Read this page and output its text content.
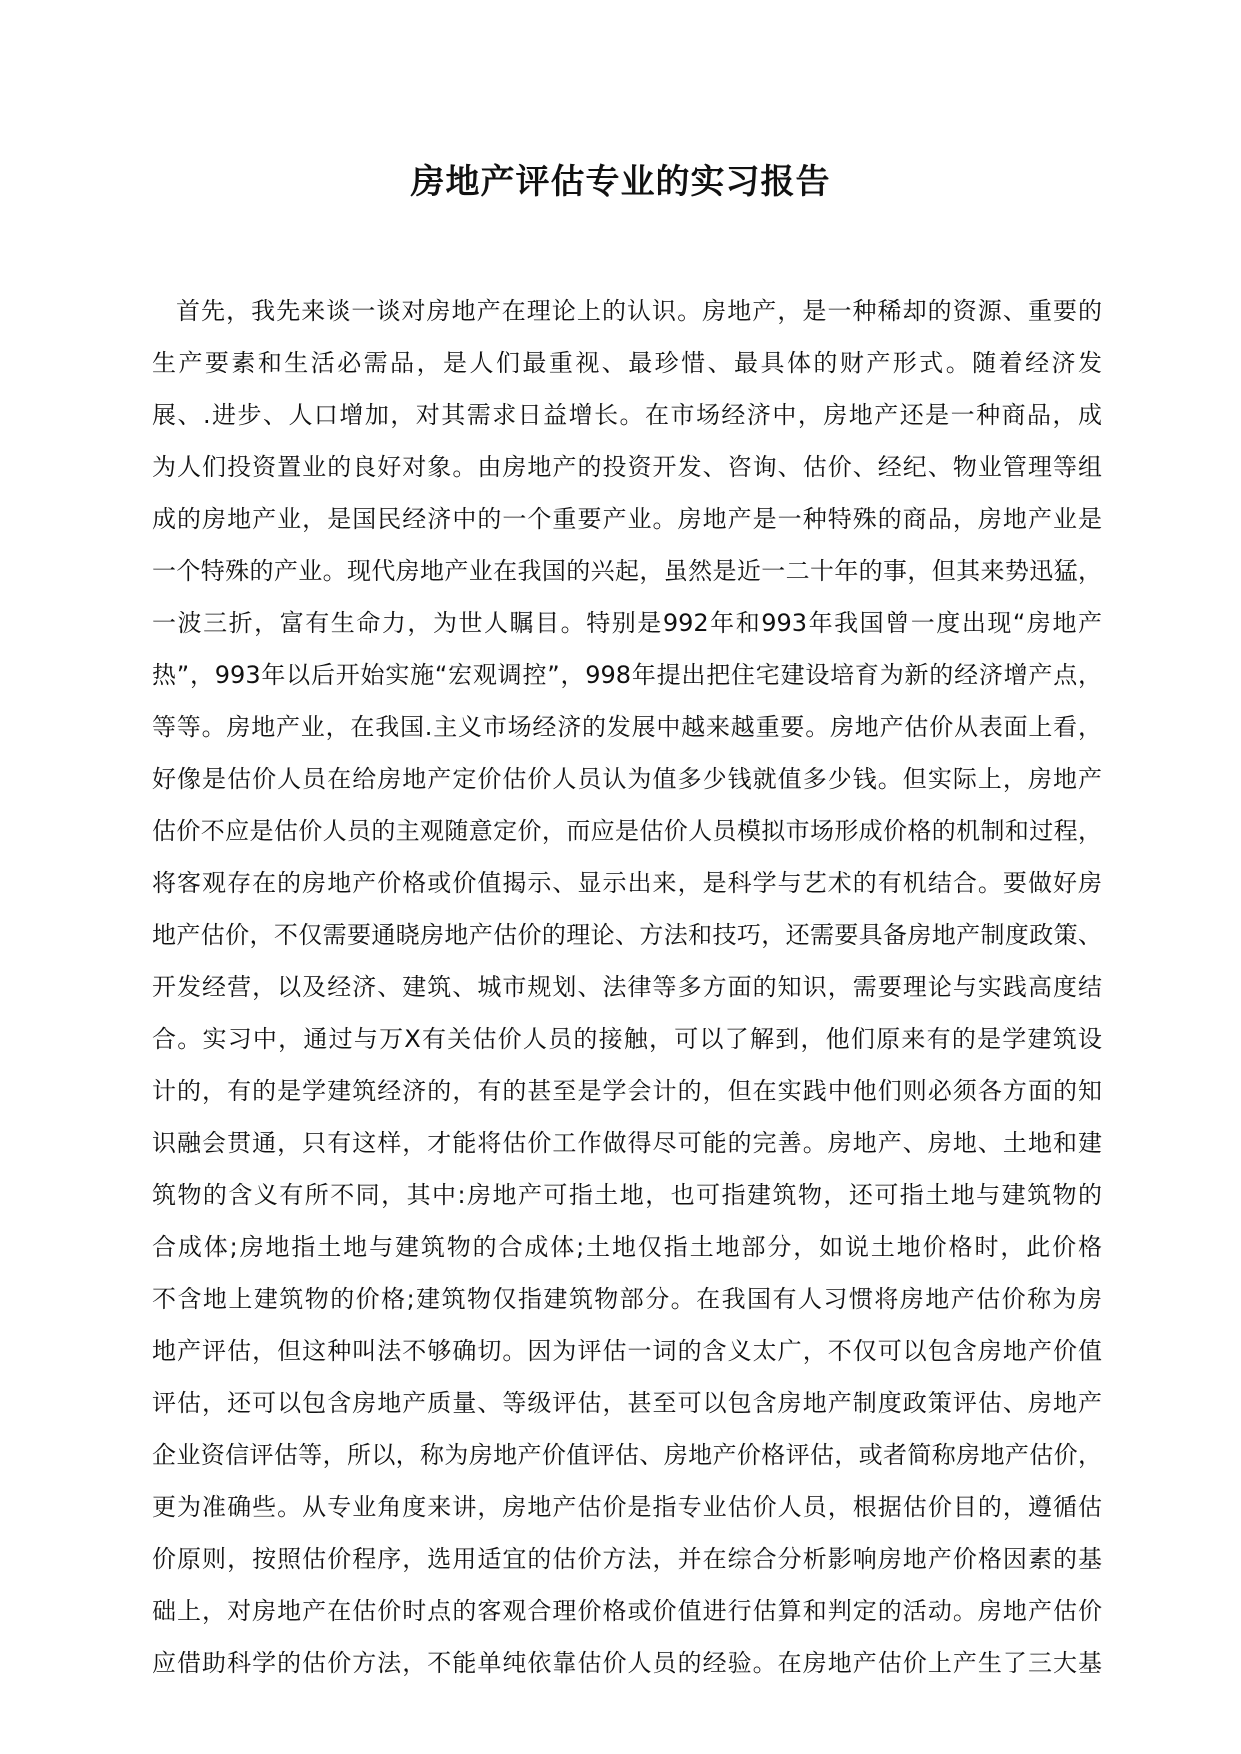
房地产评估专业的实习报告
首先，我先来谈一谈对房地产在理论上的认识。房地产，是一种稀却的资源、重要的
生产要素和生活必需品，是人们最重视、最珍惜、最具体的财产形式。随着经济发
展、.进步、人口增加，对其需求日益增长。在市场经济中，房地产还是一种商品，成
为人们投资置业的良好对象。由房地产的投资开发、咨询、估价、经纪、物业管理等组
成的房地产业，是国民经济中的一个重要产业。房地产是一种特殊的商品，房地产业是
一个特殊的产业。现代房地产业在我国的兴起，虽然是近一二十年的事，但其来势迅猛，
一波三折，富有生命力，为世人瞩目。特别是992年和993年我国曾一度出现“房地产
热”，993年以后开始实施“宏观调控”，998年提出把住宅建设培育为新的经济增产点，
等等。房地产业，在我国.主义市场经济的发展中越来越重要。房地产估价从表面上看，
好像是估价人员在给房地产定价估价人员认为值多少钱就值多少钱。但实际上，房地产
估价不应是估价人员的主观随意定价，而应是估价人员模拟市场形成价格的机制和过程，
将客观存在的房地产价格或价值揭示、显示出来，是科学与艺术的有机结合。要做好房
地产估价，不仅需要通晓房地产估价的理论、方法和技巧，还需要具备房地产制度政策、
开发经营，以及经济、建筑、城市规划、法律等多方面的知识，需要理论与实践高度结
合。实习中，通过与万X有关估价人员的接触，可以了解到，他们原来有的是学建筑设
计的，有的是学建筑经济的，有的甚至是学会计的，但在实践中他们则必须各方面的知
识融会贯通，只有这样，才能将估价工作做得尽可能的完善。房地产、房地、土地和建
筑物的含义有所不同，其中:房地产可指土地，也可指建筑物，还可指土地与建筑物的
合成体;房地指土地与建筑物的合成体;土地仅指土地部分，如说土地价格时，此价格
不含地上建筑物的价格;建筑物仅指建筑物部分。在我国有人习惯将房地产估价称为房
地产评估，但这种叫法不够确切。因为评估一词的含义太广，不仅可以包含房地产价值
评估，还可以包含房地产质量、等级评估，甚至可以包含房地产制度政策评估、房地产
企业资信评估等，所以，称为房地产价值评估、房地产价格评估，或者简称房地产估价，
更为准确些。从专业角度来讲，房地产估价是指专业估价人员，根据估价目的，遵循估
价原则，按照估价程序，选用适宜的估价方法，并在综合分析影响房地产价格因素的基
础上，对房地产在估价时点的客观合理价格或价值进行估算和判定的活动。房地产估价
应借助科学的估价方法，不能单纯依靠估价人员的经验。在房地产估价上产生了三大基
